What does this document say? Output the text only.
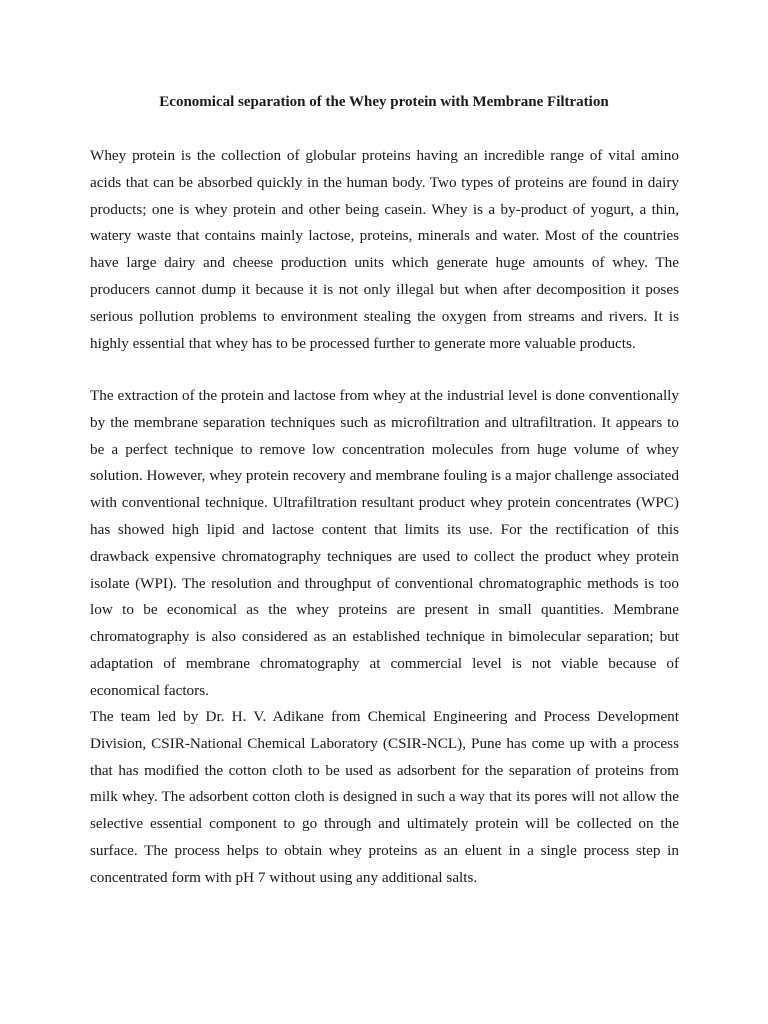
Economical separation of the Whey protein with Membrane Filtration

Whey protein is the collection of globular proteins having an incredible range of vital amino acids that can be absorbed quickly in the human body. Two types of proteins are found in dairy products; one is whey protein and other being casein. Whey is a by-product of yogurt, a thin, watery waste that contains mainly lactose, proteins, minerals and water. Most of the countries have large dairy and cheese production units which generate huge amounts of whey. The producers cannot dump it because it is not only illegal but when after decomposition it poses serious pollution problems to environment stealing the oxygen from streams and rivers. It is highly essential that whey has to be processed further to generate more valuable products.

The extraction of the protein and lactose from whey at the industrial level is done conventionally by the membrane separation techniques such as microfiltration and ultrafiltration. It appears to be a perfect technique to remove low concentration molecules from huge volume of whey solution. However, whey protein recovery and membrane fouling is a major challenge associated with conventional technique. Ultrafiltration resultant product whey protein concentrates (WPC) has showed high lipid and lactose content that limits its use. For the rectification of this drawback expensive chromatography techniques are used to collect the product whey protein isolate (WPI). The resolution and throughput of conventional chromatographic methods is too low to be economical as the whey proteins are present in small quantities. Membrane chromatography is also considered as an established technique in bimolecular separation; but adaptation of membrane chromatography at commercial level is not viable because of economical factors.

The team led by Dr. H. V. Adikane from Chemical Engineering and Process Development Division, CSIR-National Chemical Laboratory (CSIR-NCL), Pune has come up with a process that has modified the cotton cloth to be used as adsorbent for the separation of proteins from milk whey. The adsorbent cotton cloth is designed in such a way that its pores will not allow the selective essential component to go through and ultimately protein will be collected on the surface. The process helps to obtain whey proteins as an eluent in a single process step in concentrated form with pH 7 without using any additional salts.
